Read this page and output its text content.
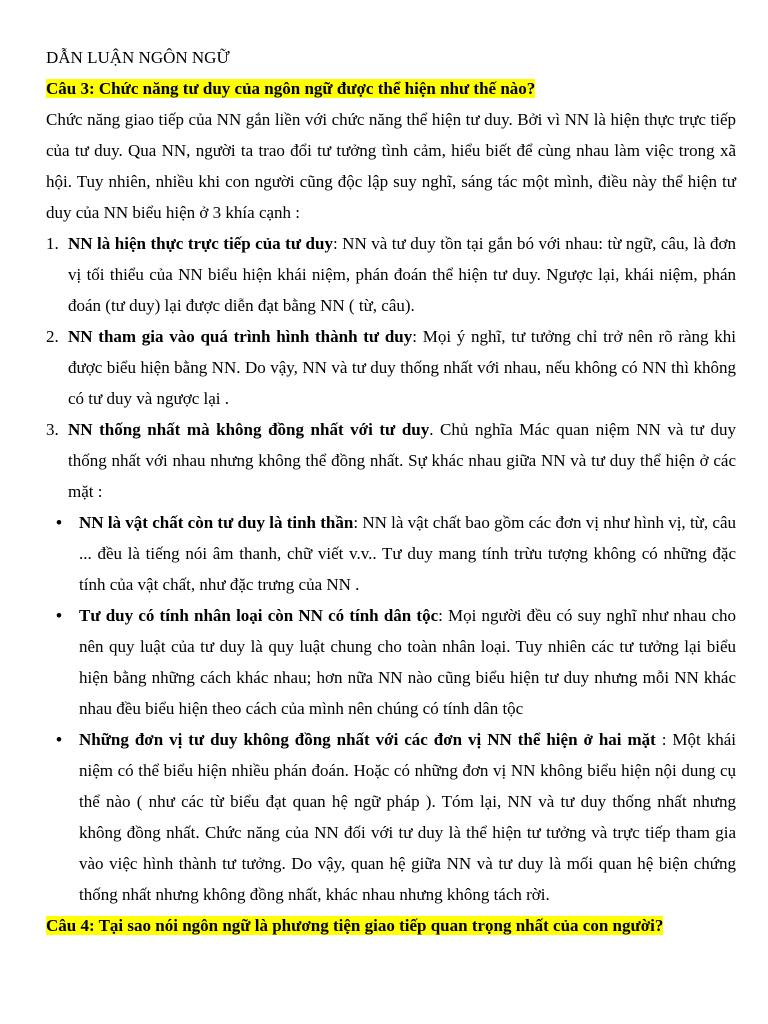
DẪN LUẬN NGÔN NGỮ

Câu 3: Chức năng tư duy của ngôn ngữ được thể hiện như thế nào?

Chức năng giao tiếp của NN gắn liền với chức năng thể hiện tư duy. Bởi vì NN là hiện thực trực tiếp của tư duy. Qua NN, người ta trao đổi tư tưởng tình cảm, hiểu biết để cùng nhau làm việc trong xã hội. Tuy nhiên, nhiều khi con người cũng độc lập suy nghĩ, sáng tác một mình, điều này thể hiện tư duy của NN biểu hiện ở 3 khía cạnh :

1. NN là hiện thực trực tiếp của tư duy: NN và tư duy tồn tại gắn bó với nhau: từ ngữ, câu, là đơn vị tối thiểu của NN biểu hiện khái niệm, phán đoán thể hiện tư duy. Ngược lại, khái niệm, phán đoán (tư duy) lại được diễn đạt bằng NN ( từ, câu).
2. NN tham gia vào quá trình hình thành tư duy: Mọi ý nghĩ, tư tưởng chỉ trở nên rõ ràng khi được biểu hiện bằng NN. Do vậy, NN và tư duy thống nhất với nhau, nếu không có NN thì không có tư duy và ngược lại .
3. NN thống nhất mà không đồng nhất với tư duy. Chủ nghĩa Mác quan niệm NN và tư duy thống nhất với nhau nhưng không thể đồng nhất. Sự khác nhau giữa NN và tư duy thể hiện ở các mặt :
• NN là vật chất còn tư duy là tinh thần: NN là vật chất bao gồm các đơn vị như hình vị, từ, câu ... đều là tiếng nói âm thanh, chữ viết v.v.. Tư duy mang tính trừu tượng không có những đặc tính của vật chất, như đặc trưng của NN .
• Tư duy có tính nhân loại còn NN có tính dân tộc: Mọi người đều có suy nghĩ như nhau cho nên quy luật của tư duy là quy luật chung cho toàn nhân loại. Tuy nhiên các tư tưởng lại biểu hiện bằng những cách khác nhau; hơn nữa NN nào cũng biểu hiện tư duy nhưng mỗi NN khác nhau đều biểu hiện theo cách của mình nên chúng có tính dân tộc
• Những đơn vị tư duy không đồng nhất với các đơn vị NN thể hiện ở hai mặt : Một khái niệm có thể biểu hiện nhiều phán đoán. Hoặc có những đơn vị NN không biểu hiện nội dung cụ thể nào ( như các từ biểu đạt quan hệ ngữ pháp ). Tóm lại, NN và tư duy thống nhất nhưng không đồng nhất. Chức năng của NN đối với tư duy là thể hiện tư tưởng và trực tiếp tham gia vào việc hình thành tư tưởng. Do vậy, quan hệ giữa NN và tư duy là mối quan hệ biện chứng thống nhất nhưng không đồng nhất, khác nhau nhưng không tách rời.

Câu 4: Tại sao nói ngôn ngữ là phương tiện giao tiếp quan trọng nhất của con người?
